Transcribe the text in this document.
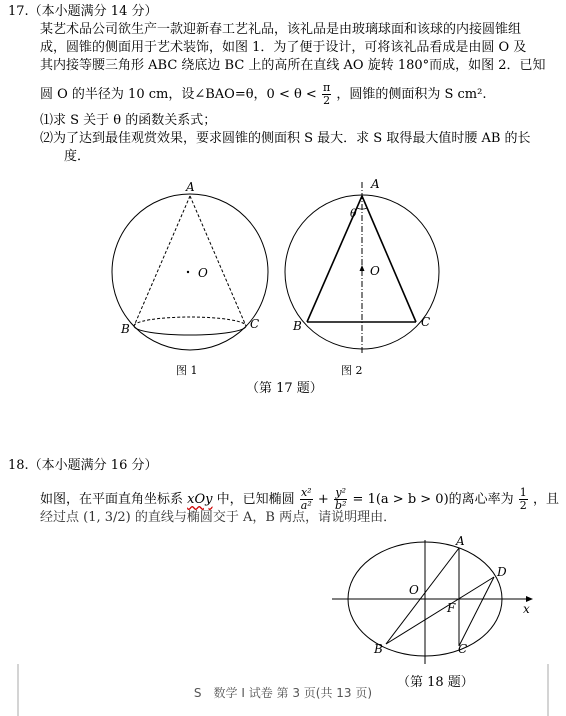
17.（本小题满分 14 分）
某艺术品公司欲生产一款迎新春工艺礼品，该礼品是由玻璃球面和该球的内接圆锥组
成，圆锥的侧面用于艺术装饰，如图 1．为了便于设计，可将该礼品看成是由圆 O 及
其内接等腰三角形 ABC 绕底边 BC 上的高所在直线 AO 旋转 180°而成，如图 2．已知
圆 O 的半径为 10 cm，设∠BAO=θ，$0 < \theta < \frac{\pi}{2}$ ，圆锥的侧面积为 S cm².
⑴求 S 关于 θ 的函数关系式；
⑵为了达到最佳观赏效果，要求圆锥的侧面积 S 最大．求 S 取得最大值时腰 AB 的长
度．
A
O
B	C
图 1
A
θ
O
B	C
图 2
（第 17 题）
18.（本小题满分 16 分）
如图，在平面直角坐标系 xOy 中，已知椭圆 $\frac{\text{x²}}{\text{a²}} + \frac{\text{y²}}{\text{b²}} = 1(a > b > 0)$的离心率为 $\frac{1}{2}$ ，且
经过点 (1, 3/2) 的直线与椭圆交于 A，B 两点，请说明理由．
A
D
O
F	x
B	C
（第 18 题）
S　数学 I 试卷 第 3 页(共 13 页)
